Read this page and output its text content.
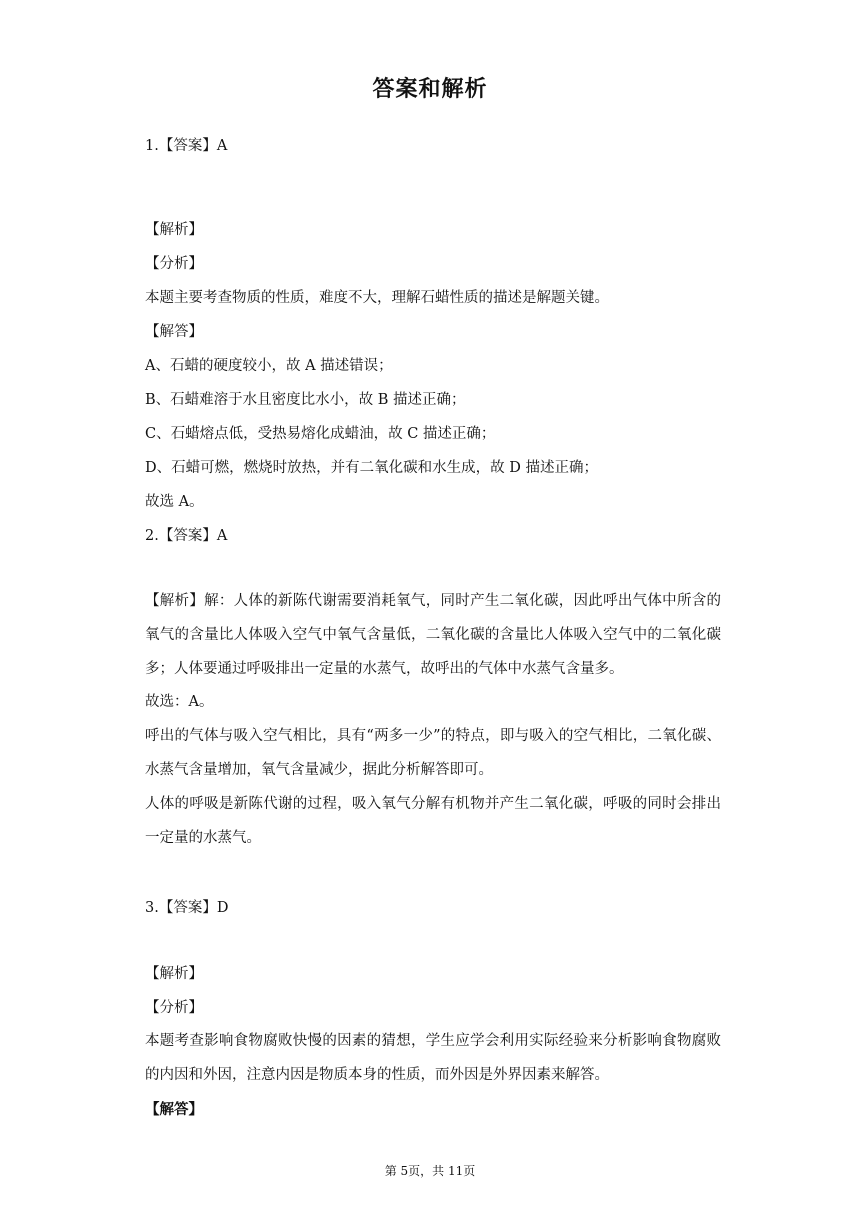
答案和解析
1.【答案】A
【解析】
【分析】
本题主要考查物质的性质，难度不大，理解石蜡性质的描述是解题关键。
【解答】
A、石蜡的硬度较小，故 A 描述错误；
B、石蜡难溶于水且密度比水小，故 B 描述正确；
C、石蜡熔点低，受热易熔化成蜡油，故 C 描述正确；
D、石蜡可燃，燃烧时放热，并有二氧化碳和水生成，故 D 描述正确；
故选 A。
2.【答案】A
【解析】解：人体的新陈代谢需要消耗氧气，同时产生二氧化碳，因此呼出气体中所含的氧气的含量比人体吸入空气中氧气含量低，二氧化碳的含量比人体吸入空气中的二氧化碳多；人体要通过呼吸排出一定量的水蒸气，故呼出的气体中水蒸气含量多。
故选：A。
呼出的气体与吸入空气相比，具有“两多一少”的特点，即与吸入的空气相比，二氧化碳、水蒸气含量增加，氧气含量减少，据此分析解答即可。
人体的呼吸是新陈代谢的过程，吸入氧气分解有机物并产生二氧化碳，呼吸的同时会排出一定量的水蒸气。
3.【答案】D
【解析】
【分析】
本题考查影响食物腐败快慢的因素的猜想，学生应学会利用实际经验来分析影响食物腐败的内因和外因，注意内因是物质本身的性质，而外因是外界因素来解答。
【解答】
第 5页，共 11页
